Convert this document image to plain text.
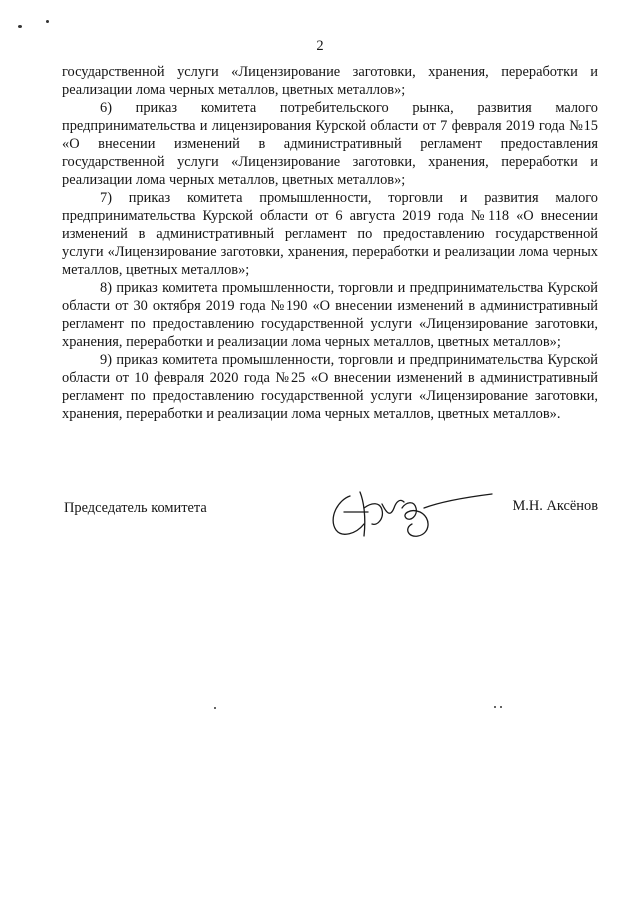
2

государственной услуги «Лицензирование заготовки, хранения, переработки и реализации лома черных металлов, цветных металлов»;

6) приказ комитета потребительского рынка, развития малого предпринимательства и лицензирования Курской области от 7 февраля 2019 года №15 «О внесении изменений в административный регламент предоставления государственной услуги «Лицензирование заготовки, хранения, переработки и реализации лома черных металлов, цветных металлов»;

7) приказ комитета промышленности, торговли и развития малого предпринимательства Курской области от 6 августа 2019 года №118 «О внесении изменений в административный регламент по предоставлению государственной услуги «Лицензирование заготовки, хранения, переработки и реализации лома черных металлов, цветных металлов»;

8) приказ комитета промышленности, торговли и предпринимательства Курской области от 30 октября 2019 года №190 «О внесении изменений в административный регламент по предоставлению государственной услуги «Лицензирование заготовки, хранения, переработки и реализации лома черных металлов, цветных металлов»;

9) приказ комитета промышленности, торговли и предпринимательства Курской области от 10 февраля 2020 года №25 «О внесении изменений в административный регламент по предоставлению государственной услуги «Лицензирование заготовки, хранения, переработки и реализации лома черных металлов, цветных металлов».

Председатель комитета	М.Н. Аксёнов
